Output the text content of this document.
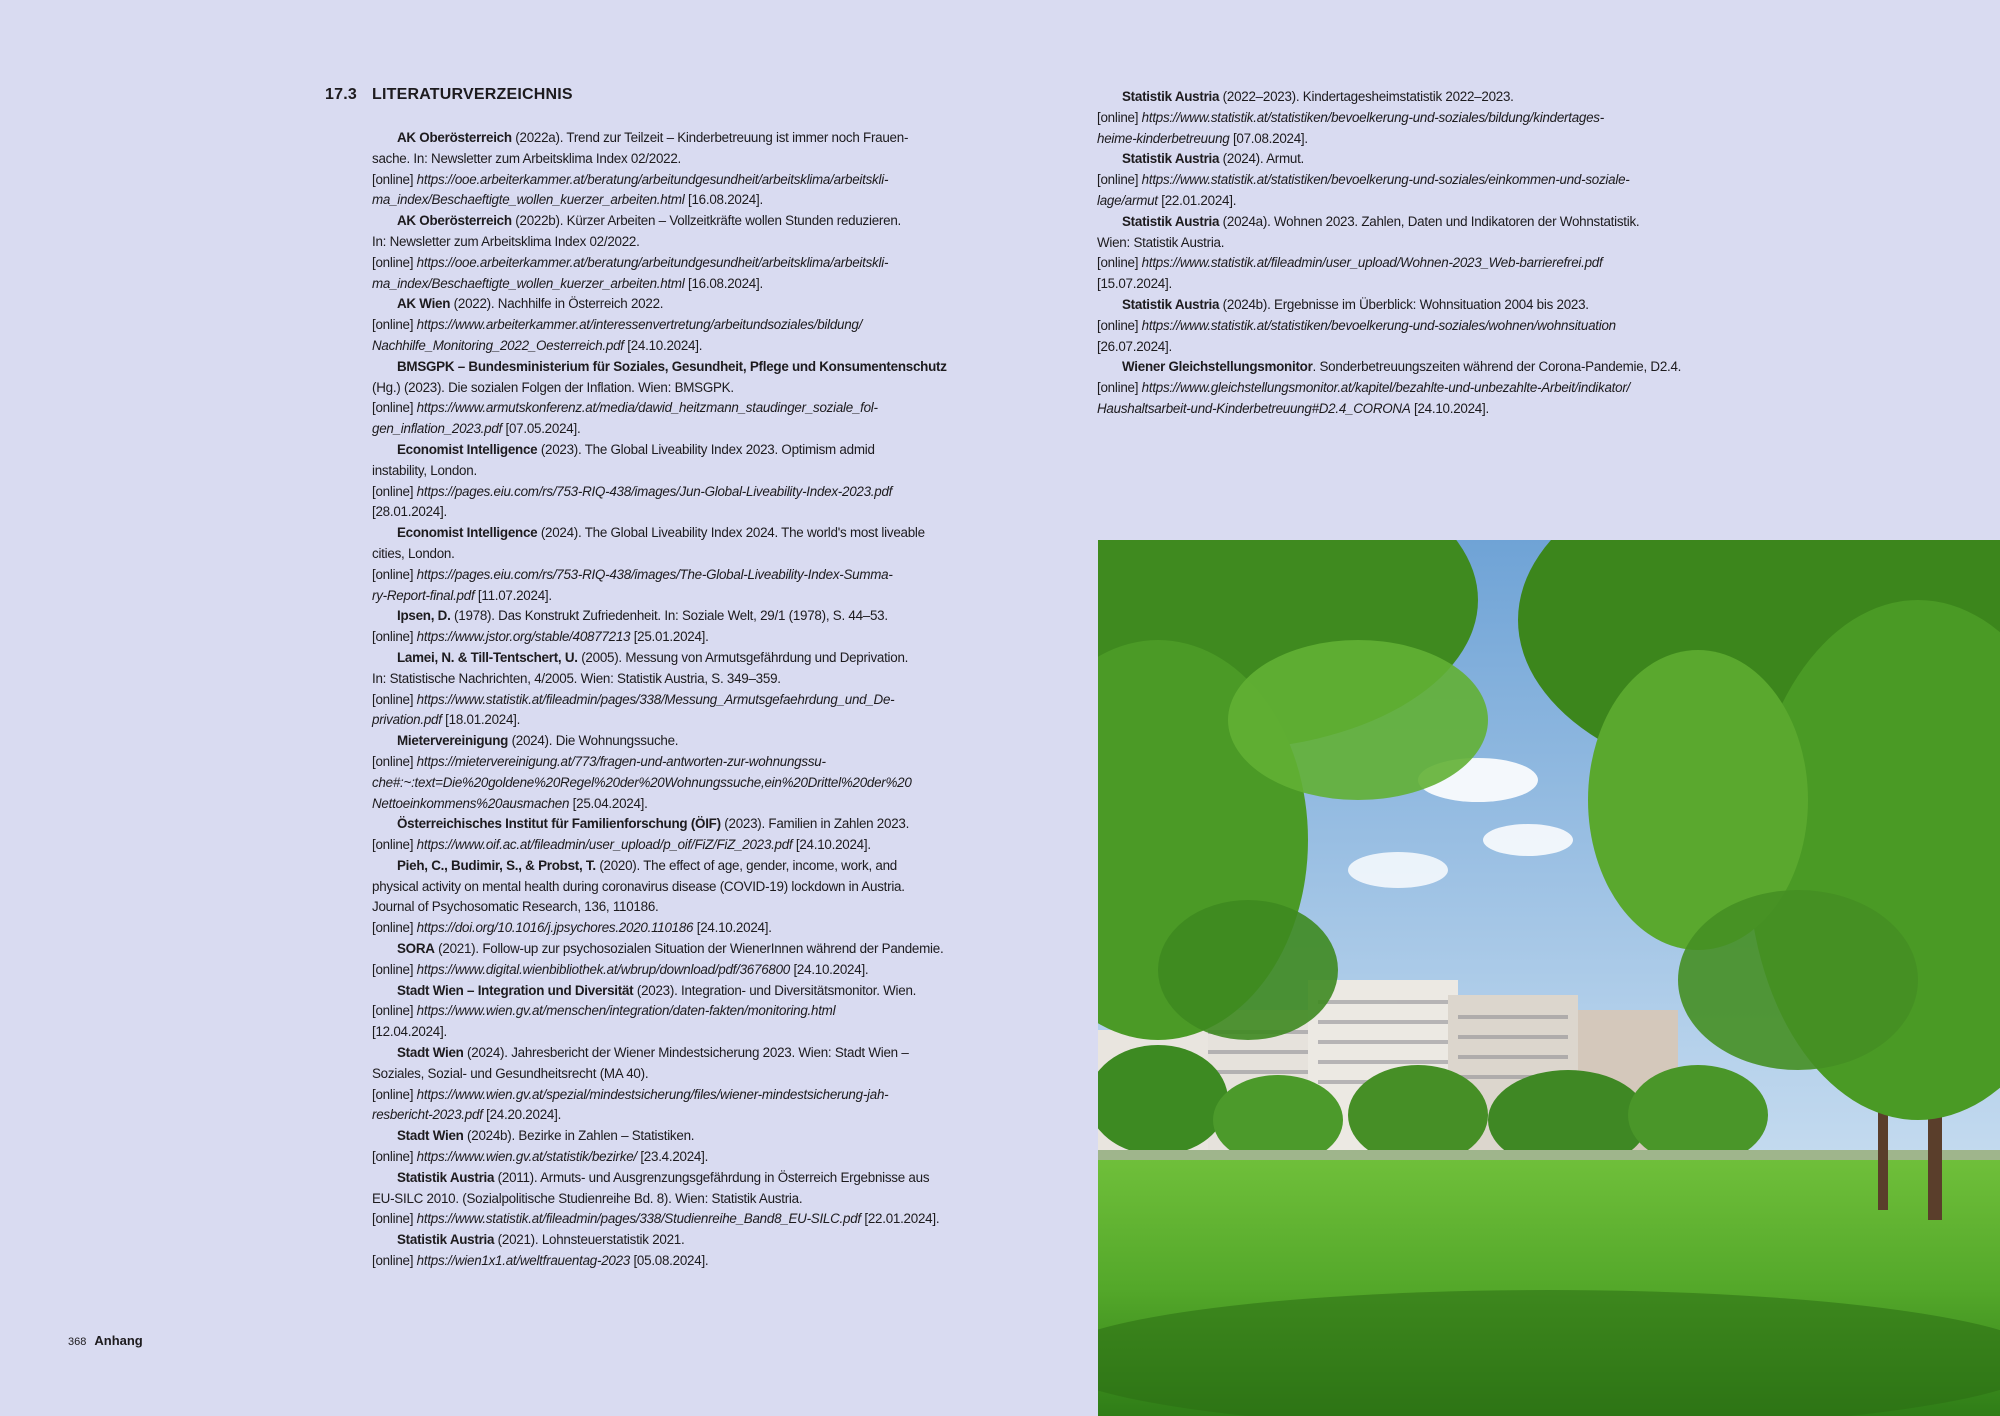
17.3 LITERATURVERZEICHNIS
AK Oberösterreich (2022a). Trend zur Teilzeit – Kinderbetreuung ist immer noch Frauen-
sache. In: Newsletter zum Arbeitsklima Index 02/2022.
[online] https://ooe.arbeiterkammer.at/beratung/arbeitundgesundheit/arbeitsklima/arbeitskli-
ma_index/Beschaeftigte_wollen_kuerzer_arbeiten.html [16.08.2024].
AK Oberösterreich (2022b). Kürzer Arbeiten – Vollzeitkräfte wollen Stunden reduzieren.
In: Newsletter zum Arbeitsklima Index 02/2022.
[online] https://ooe.arbeiterkammer.at/beratung/arbeitundgesundheit/arbeitsklima/arbeitskli-
ma_index/Beschaeftigte_wollen_kuerzer_arbeiten.html [16.08.2024].
AK Wien (2022). Nachhilfe in Österreich 2022.
[online] https://www.arbeiterkammer.at/interessenvertretung/arbeitundsoziales/bildung/
Nachhilfe_Monitoring_2022_Oesterreich.pdf [24.10.2024].
BMSGPK – Bundesministerium für Soziales, Gesundheit, Pflege und Konsumentenschutz
(Hg.) (2023). Die sozialen Folgen der Inflation. Wien: BMSGPK.
[online] https://www.armutskonferenz.at/media/dawid_heitzmann_staudinger_soziale_fol-
gen_inflation_2023.pdf [07.05.2024].
Economist Intelligence (2023). The Global Liveability Index 2023. Optimism admid
instability, London.
[online] https://pages.eiu.com/rs/753-RIQ-438/images/Jun-Global-Liveability-Index-2023.pdf
[28.01.2024].
Economist Intelligence (2024). The Global Liveability Index 2024. The world's most liveable
cities, London.
[online] https://pages.eiu.com/rs/753-RIQ-438/images/The-Global-Liveability-Index-Summa-
ry-Report-final.pdf [11.07.2024].
Ipsen, D. (1978). Das Konstrukt Zufriedenheit. In: Soziale Welt, 29/1 (1978), S. 44–53.
[online] https://www.jstor.org/stable/40877213 [25.01.2024].
Lamei, N. & Till-Tentschert, U. (2005). Messung von Armutsgefährdung und Deprivation.
In: Statistische Nachrichten, 4/2005. Wien: Statistik Austria, S. 349–359.
[online] https://www.statistik.at/fileadmin/pages/338/Messung_Armutsgefaehrdung_und_De-
privation.pdf [18.01.2024].
Mietervereinigung (2024). Die Wohnungssuche.
[online] https://mietervereinigung.at/773/fragen-und-antworten-zur-wohnungssu-
che#:~:text=Die%20goldene%20Regel%20der%20Wohnungssuche,ein%20Drittel%20der%20
Nettoeinkommens%20ausmachen [25.04.2024].
Österreichisches Institut für Familienforschung (ÖIF) (2023). Familien in Zahlen 2023.
[online] https://www.oif.ac.at/fileadmin/user_upload/p_oif/FiZ/FiZ_2023.pdf [24.10.2024].
Pieh, C., Budimir, S., & Probst, T. (2020). The effect of age, gender, income, work, and
physical activity on mental health during coronavirus disease (COVID-19) lockdown in Austria.
Journal of Psychosomatic Research, 136, 110186.
[online] https://doi.org/10.1016/j.jpsychores.2020.110186 [24.10.2024].
SORA (2021). Follow-up zur psychosozialen Situation der WienerInnen während der Pandemie.
[online] https://www.digital.wienbibliothek.at/wbrup/download/pdf/3676800 [24.10.2024].
Stadt Wien – Integration und Diversität (2023). Integration- und Diversitätsmonitor. Wien.
[online] https://www.wien.gv.at/menschen/integration/daten-fakten/monitoring.html
[12.04.2024].
Stadt Wien (2024). Jahresbericht der Wiener Mindestsicherung 2023. Wien: Stadt Wien –
Soziales, Sozial- und Gesundheitsrecht (MA 40).
[online] https://www.wien.gv.at/spezial/mindestsicherung/files/wiener-mindestsicherung-jah-
resbericht-2023.pdf [24.20.2024].
Stadt Wien (2024b). Bezirke in Zahlen – Statistiken.
[online] https://www.wien.gv.at/statistik/bezirke/ [23.4.2024].
Statistik Austria (2011). Armuts- und Ausgrenzungsgefährdung in Österreich Ergebnisse aus
EU-SILC 2010. (Sozialpolitische Studienreihe Bd. 8). Wien: Statistik Austria.
[online] https://www.statistik.at/fileadmin/pages/338/Studienreihe_Band8_EU-SILC.pdf [22.01.2024].
Statistik Austria (2021). Lohnsteuerstatistik 2021.
[online] https://wien1x1.at/weltfrauentag-2023 [05.08.2024].
Statistik Austria (2022–2023). Kindertagesheimstatistik 2022–2023.
[online] https://www.statistik.at/statistiken/bevoelkerung-und-soziales/bildung/kindertages-
heime-kinderbetreuung [07.08.2024].
Statistik Austria (2024). Armut.
[online] https://www.statistik.at/statistiken/bevoelkerung-und-soziales/einkommen-und-soziale-
lage/armut [22.01.2024].
Statistik Austria (2024a). Wohnen 2023. Zahlen, Daten und Indikatoren der Wohnstatistik.
Wien: Statistik Austria.
[online] https://www.statistik.at/fileadmin/user_upload/Wohnen-2023_Web-barrierefrei.pdf
[15.07.2024].
Statistik Austria (2024b). Ergebnisse im Überblick: Wohnsituation 2004 bis 2023.
[online] https://www.statistik.at/statistiken/bevoelkerung-und-soziales/wohnen/wohnsituation
[26.07.2024].
Wiener Gleichstellungsmonitor. Sonderbetreuungszeiten während der Corona-Pandemie, D2.4.
[online] https://www.gleichstellungsmonitor.at/kapitel/bezahlte-und-unbezahlte-Arbeit/indikator/
Haushaltsarbeit-und-Kinderbetreuung#D2.4_CORONA [24.10.2024].
368 Anhang
